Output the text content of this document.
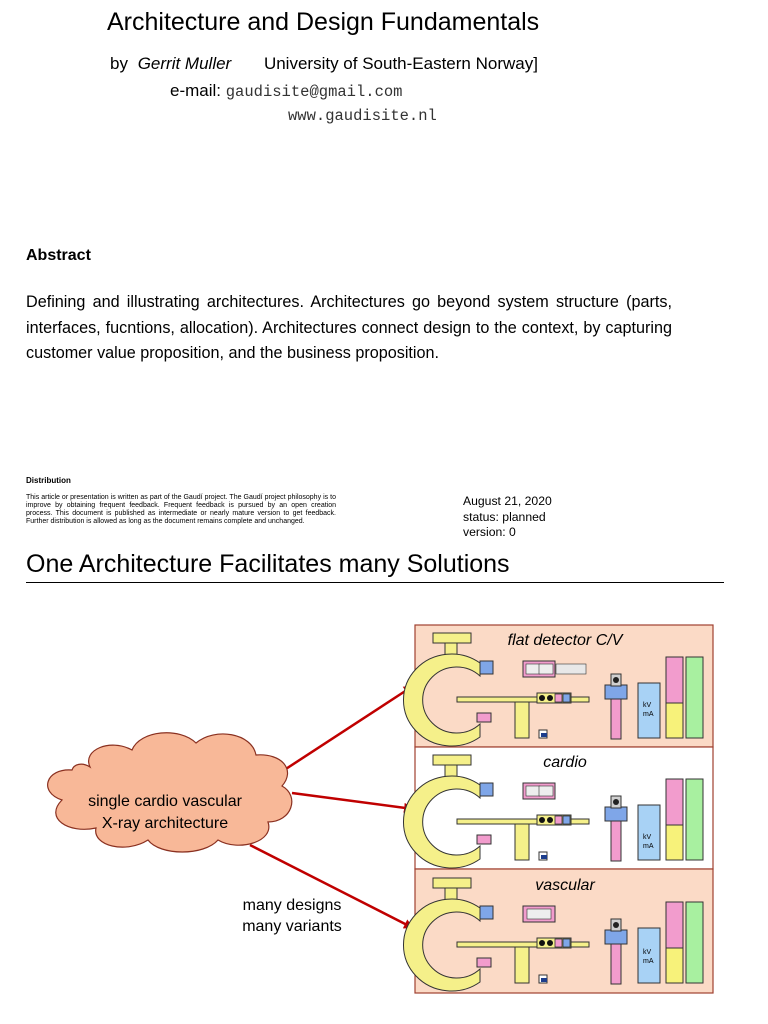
Architecture and Design Fundamentals
by Gerrit Muller University of South-Eastern Norway]
e-mail: gaudisite@gmail.com
www.gaudisite.nl
Abstract
Defining and illustrating architectures. Architectures go beyond system structure (parts, interfaces, fucntions, allocation). Architectures connect design to the context, by capturing customer value proposition, and the business proposition.
Distribution
This article or presentation is written as part of the Gaudí project. The Gaudí project philosophy is to improve by obtaining frequent feedback. Frequent feedback is pursued by an open creation process. This document is published as intermediate or nearly mature version to get feedback. Further distribution is allowed as long as the document remains complete and unchanged.
August 21, 2020
status: planned
version: 0
One Architecture Facilitates many Solutions
single cardio vascular
X-ray architecture
many designs
many variants
flat detector C/V
kV
mA
cardio
kV
mA
vascular
kV
mA
